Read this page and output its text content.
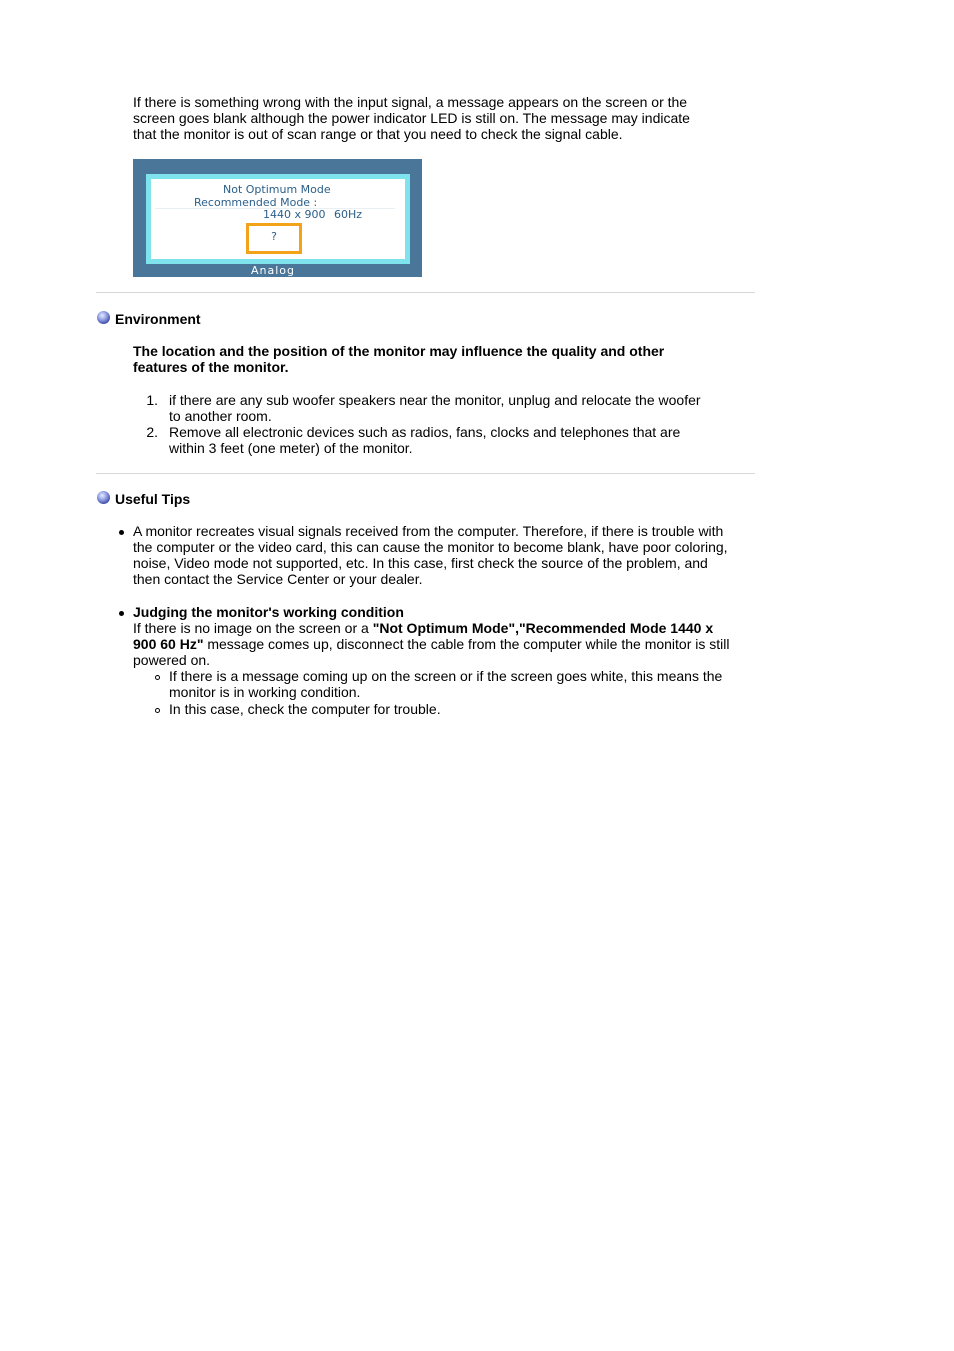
If there is something wrong with the input signal, a message appears on the screen or the
screen goes blank although the power indicator LED is still on. The message may indicate
that the monitor is out of scan range or that you need to check the signal cable.
Not Optimum Mode
Recommended Mode :
1440 x 900 60Hz
?
Analog
Environment
The location and the position of the monitor may influence the quality and other
features of the monitor.
1. if there are any sub woofer speakers near the monitor, unplug and relocate the woofer
to another room.
2. Remove all electronic devices such as radios, fans, clocks and telephones that are
within 3 feet (one meter) of the monitor.
Useful Tips
A monitor recreates visual signals received from the computer. Therefore, if there is trouble with
the computer or the video card, this can cause the monitor to become blank, have poor coloring,
noise, Video mode not supported, etc. In this case, first check the source of the problem, and
then contact the Service Center or your dealer.
Judging the monitor's working condition
If there is no image on the screen or a "Not Optimum Mode","Recommended Mode 1440 x
900 60 Hz" message comes up, disconnect the cable from the computer while the monitor is still
powered on.
If there is a message coming up on the screen or if the screen goes white, this means the
monitor is in working condition.
In this case, check the computer for trouble.
